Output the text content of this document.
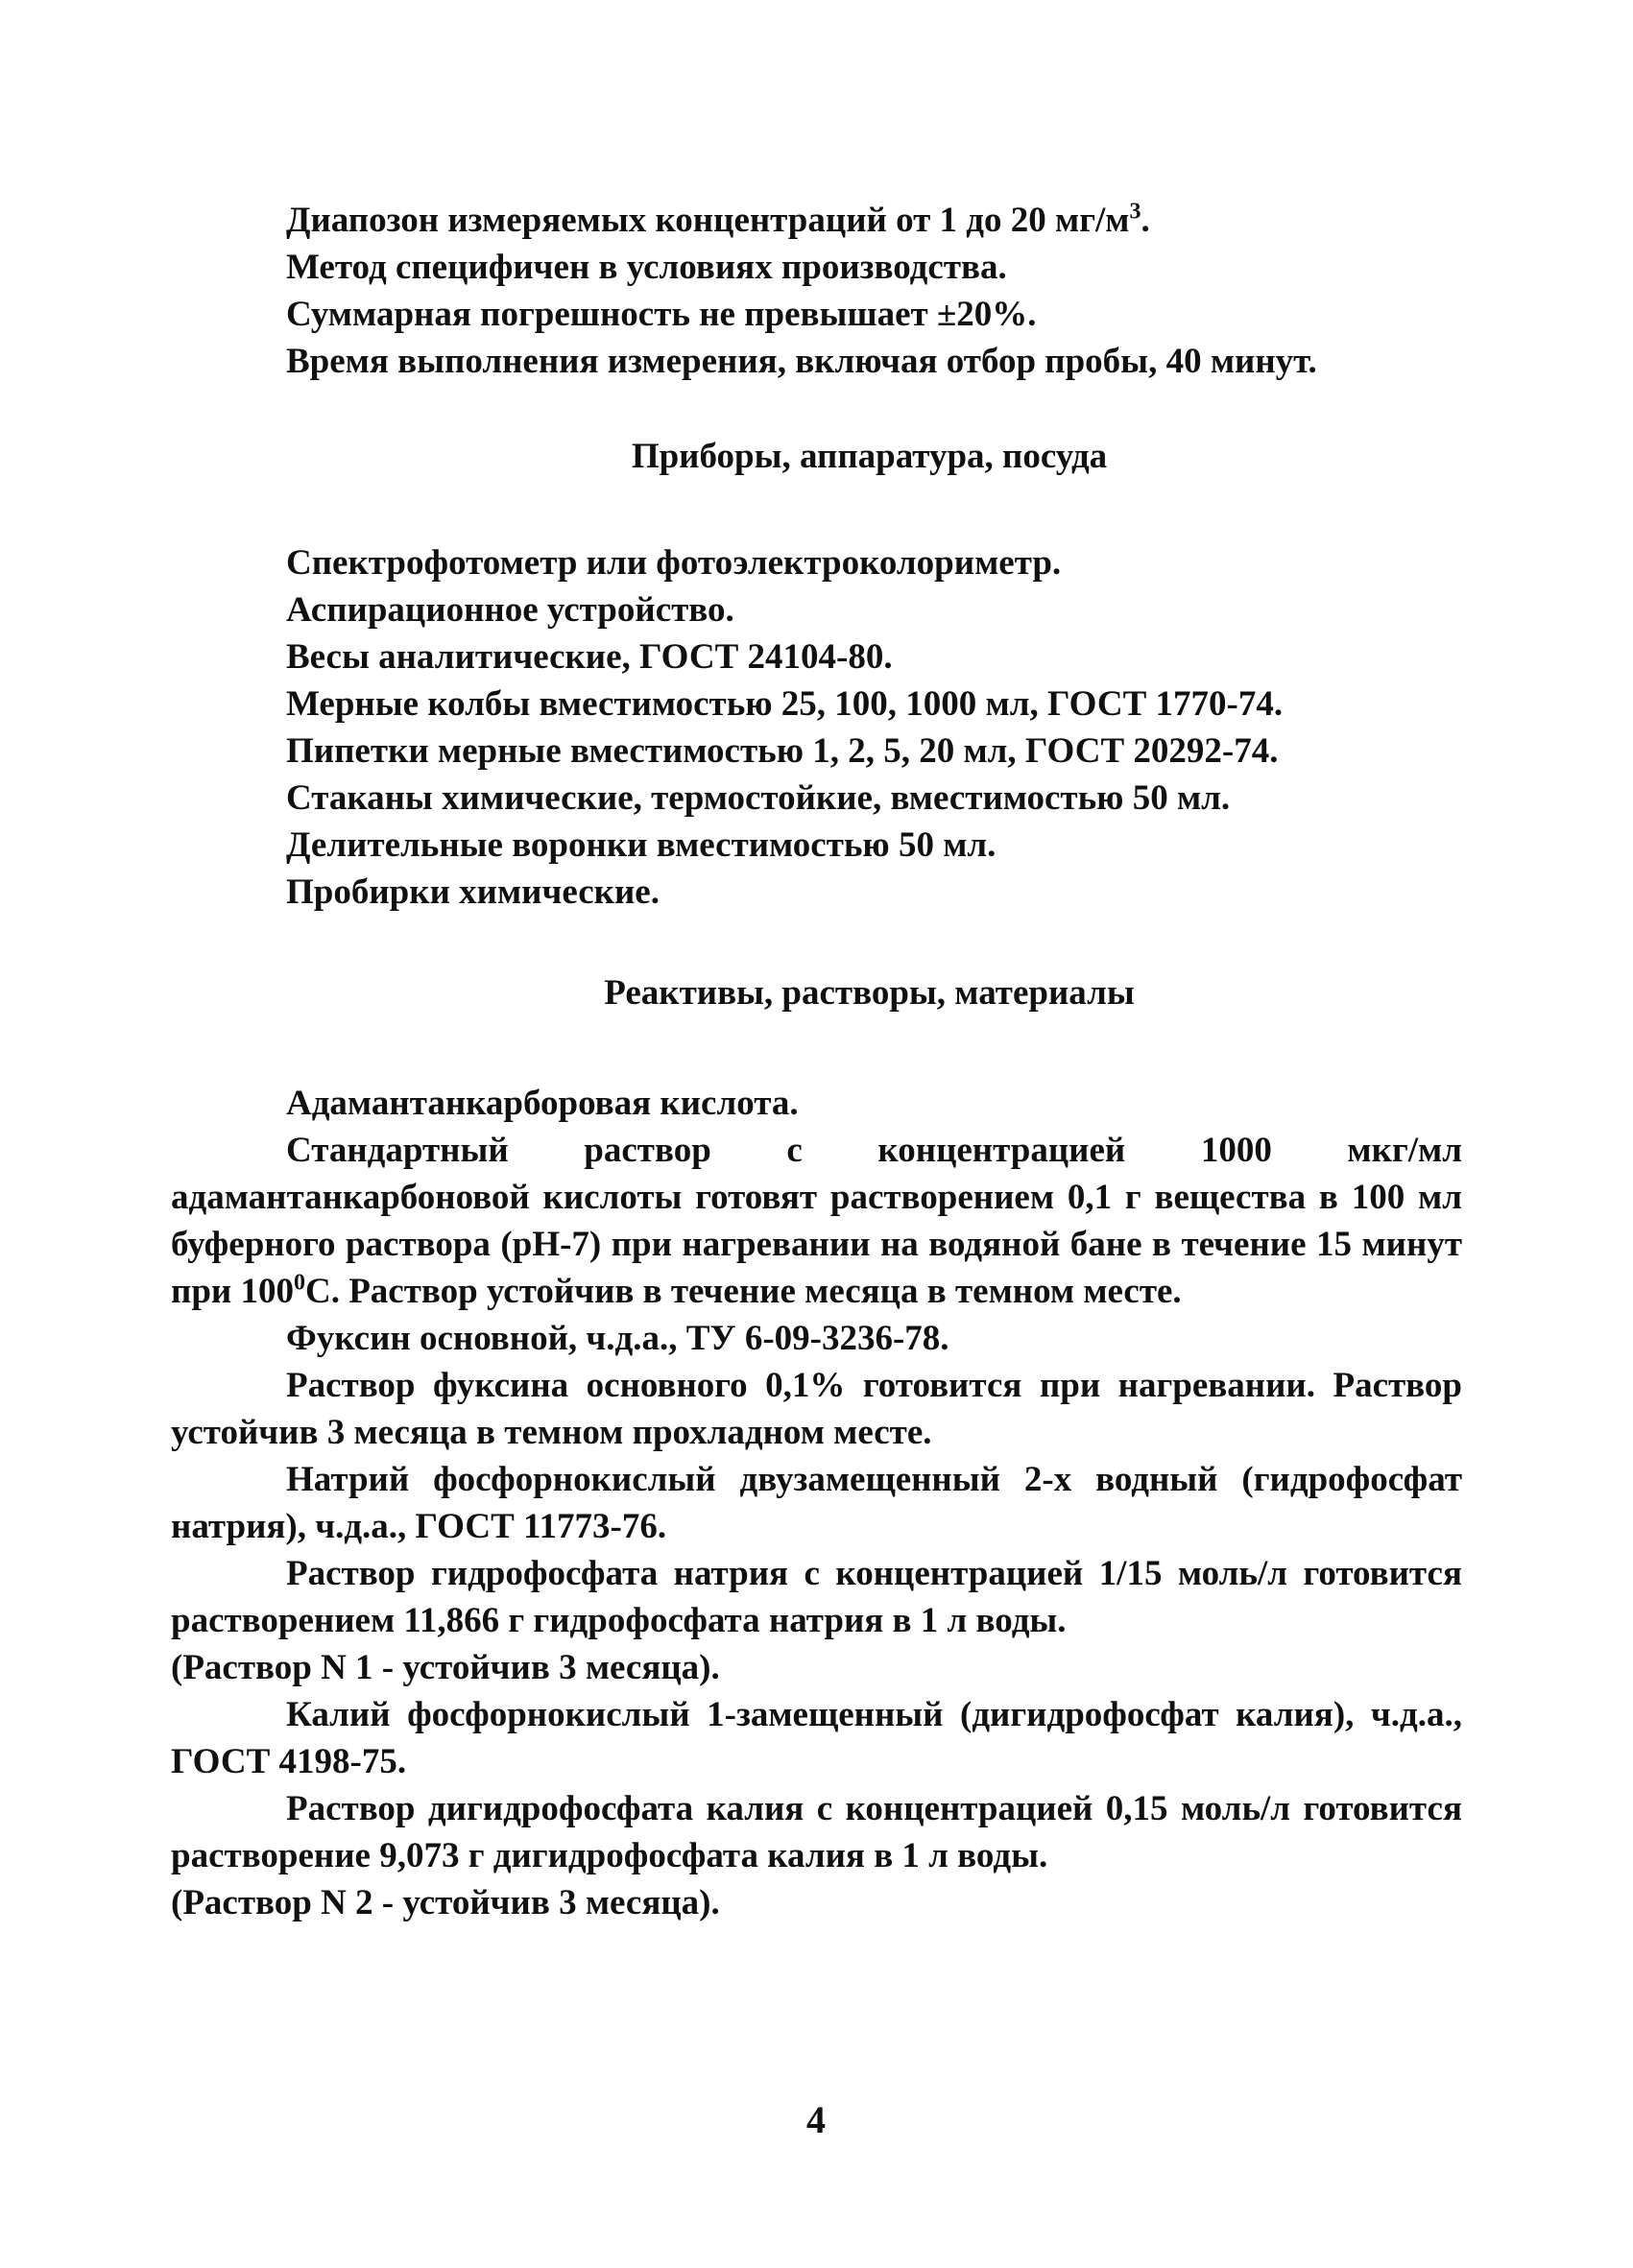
Диапозон измеряемых концентраций от 1 до 20 $мг/м^3$.

Метод специфичен в условиях производства.

Суммарная погрешность не превышает ±20%.

Время выполнения измерения, включая отбор пробы, 40 минут.

Приборы, аппаратура, посуда

Спектрофотометр или фотоэлектроколориметр.

Аспирационное устройство.

Весы аналитические, ГОСТ 24104-80.

Мерные колбы вместимостью 25, 100, 1000 мл, ГОСТ 1770-74.

Пипетки мерные вместимостью 1, 2, 5, 20 мл, ГОСТ 20292-74.

Стаканы химические, термостойкие, вместимостью 50 мл.

Делительные воронки вместимостью 50 мл.

Пробирки химические.

Реактивы, растворы, материалы

Адамантанкарборовая кислота.

Стандартный раствор с концентрацией 1000 мкг/мл адамантанкарбоновой кислоты готовят растворением 0,1 г вещества в 100 мл буферного раствора (рН-7) при нагревании на водяной бане в течение 15 минут при $100^0С$. Раствор устойчив в течение месяца в темном месте.

Фуксин основной, ч.д.а., ТУ 6-09-3236-78.

Раствор фуксина основного 0,1% готовится при нагревании. Раствор устойчив 3 месяца в темном прохладном месте.

Натрий фосфорнокислый двузамещенный 2-х водный (гидрофосфат натрия), ч.д.а., ГОСТ 11773-76.

Раствор гидрофосфата натрия с концентрацией 1/15 моль/л готовится растворением 11,866 г гидрофосфата натрия в 1 л воды.
(Раствор N 1 - устойчив 3 месяца).

Калий фосфорнокислый 1-замещенный (дигидрофосфат калия), ч.д.а., ГОСТ 4198-75.

Раствор дигидрофосфата калия с концентрацией 0,15 моль/л готовится растворение 9,073 г дигидрофосфата калия в 1 л воды.
(Раствор N 2 - устойчив 3 месяца).

4
